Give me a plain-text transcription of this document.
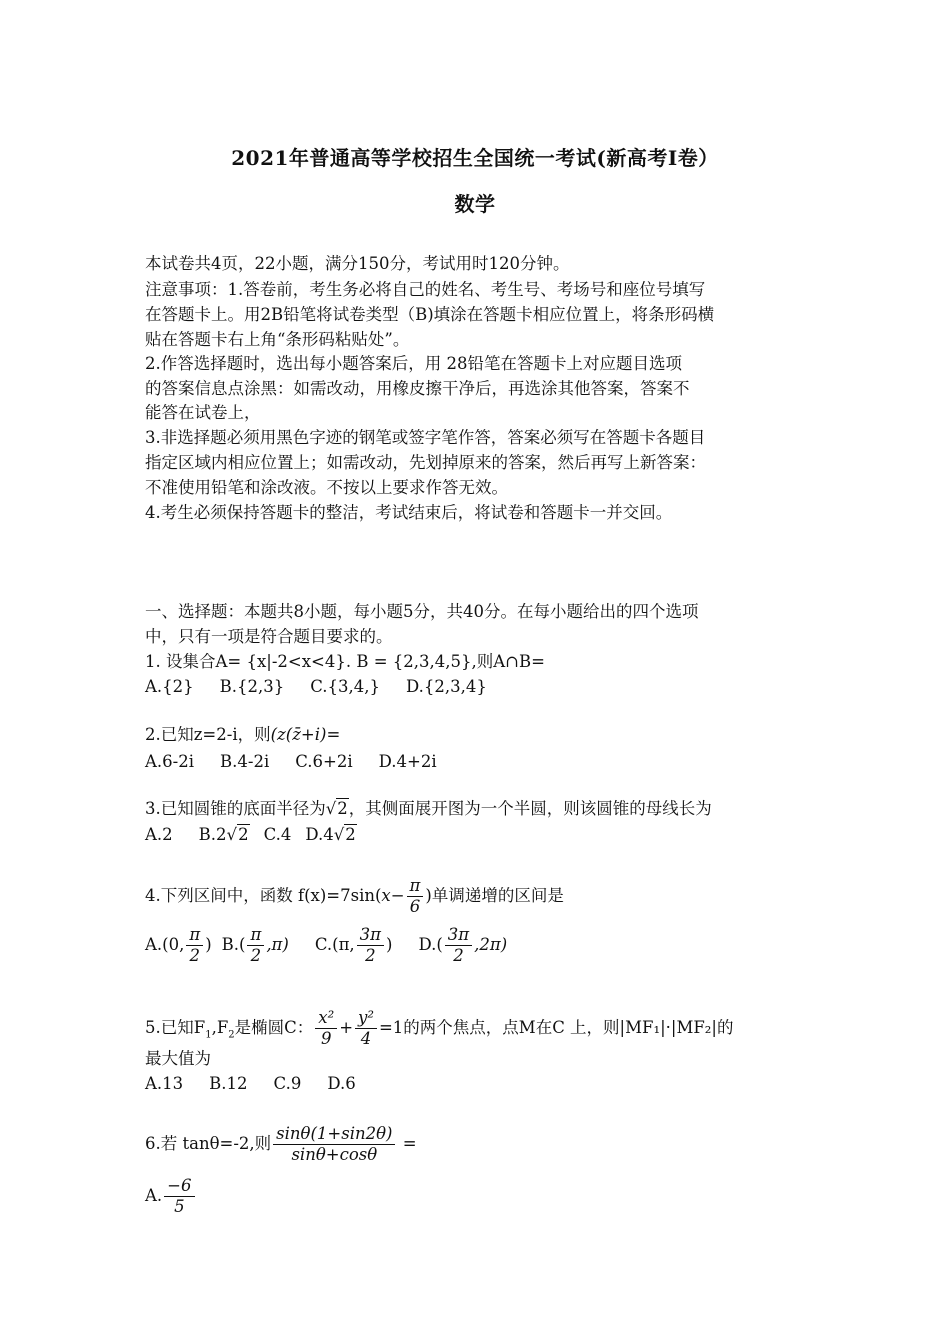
2021年普通高等学校招生全国统一考试(新高考Ⅰ卷）
数学
本试卷共4页，22小题，满分150分，考试用时120分钟。
注意事项：1.答卷前，考生务必将自己的姓名、考生号、考场号和座位号填写
在答题卡上。用2B铅笔将试卷类型（B)填涂在答题卡相应位置上，将条形码横
贴在答题卡右上角“条形码粘贴处”。
2.作答选择题时，选出每小题答案后，用 28铅笔在答题卡上对应题目选项
的答案信息点涂黑：如需改动，用橡皮擦干净后，再选涂其他答案，答案不
能答在试卷上，
3.非选择题必须用黑色字迹的钢笔或签字笔作答，答案必须写在答题卡各题目
指定区域内相应位置上；如需改动，先划掉原来的答案，然后再写上新答案：
不准使用铅笔和涂改液。不按以上要求作答无效。
4.考生必须保持答题卡的整洁，考试结束后，将试卷和答题卡一并交回。
一、选择题：本题共8小题，每小题5分，共40分。在每小题给出的四个选项
中，只有一项是符合题目要求的。
1. 设集合A= {x|-2<x<4}. B = {2,3,4,5},则A∩B=
A.{2} B.{2,3} C.{3,4,} D.{2,3,4}
2.已知z=2-i，则(z(z̄+i)=
A.6-2i B.4-2i C.6+2i D.4+2i
3.已知圆锥的底面半径为√2，其侧面展开图为一个半圆，则该圆锥的母线长为
A.2 B.2√2 C.4 D.4√2
4.下列区间中，函数 $f(x)=7\sin(x- \frac{\pi}{6}$ )单调递增的区间是
A.(0, $\frac{\pi}{2}$ ) $B.( \frac{\pi}{2} ,\pi)$ C.(π, $\frac{3\pi}{2}$ ) $D.( \frac{3\pi}{2} ,2\pi)$
5.已知$F_1,F_2$是椭圆C： $\frac{\text{x²}}{9} + \frac{\text{y²}}{4} =1$的两个焦点，点M在C 上，则|MF₁|·|MF₂|的
最大值为
A.13 B.12 C.9 D.6
6.若 tanθ=-2,则 $\frac{\sin\theta(1+\sin 2\theta)}{\sin\theta+\cos\theta}$ =
A. $\frac{-6}{5}$
